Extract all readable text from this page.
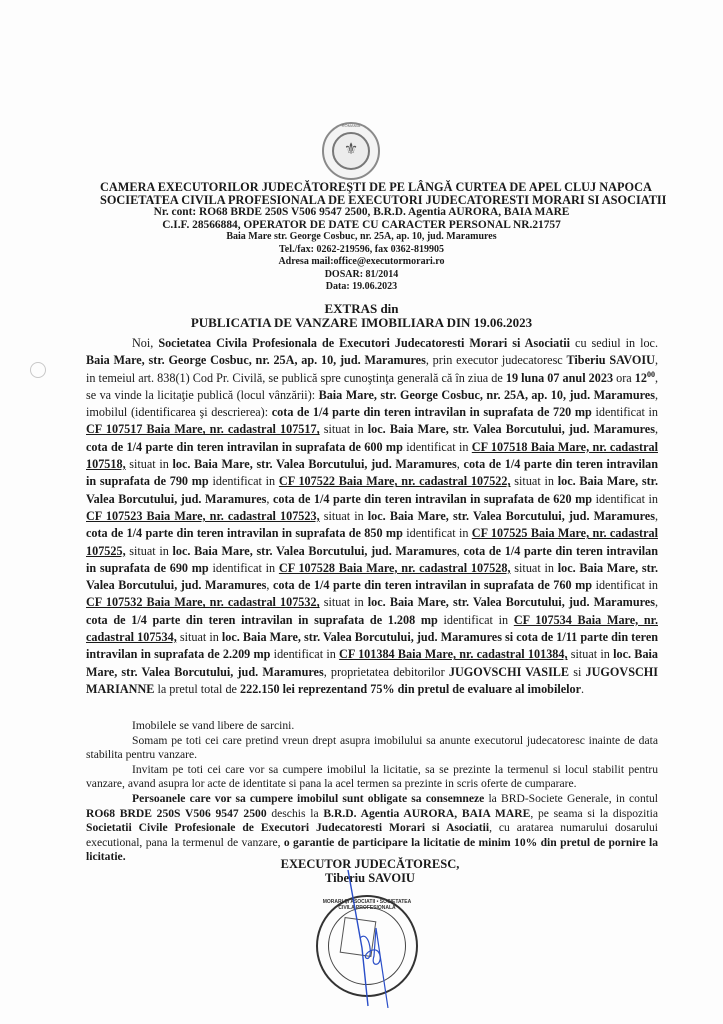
ROMANIA
⚜
CAMERA EXECUTORILOR JUDECĂTOREŞTI DE PE LÂNGĂ CURTEA DE APEL CLUJ NAPOCA
SOCIETATEA CIVILA PROFESIONALA DE EXECUTORI JUDECATORESTI MORARI SI ASOCIATII
Nr. cont: RO68 BRDE 250S V506 9547 2500, B.R.D. Agentia AURORA, BAIA MARE
C.I.F. 28566884, OPERATOR DE DATE CU CARACTER PERSONAL NR.21757
Baia Mare str. George Cosbuc, nr. 25A, ap. 10, jud. Maramures
Tel./fax: 0262-219596, fax 0362-819905
Adresa mail:office@executormorari.ro
DOSAR: 81/2014
Data: 19.06.2023
EXTRAS din
PUBLICATIA DE VANZARE IMOBILIARA DIN 19.06.2023

Noi, Societatea Civila Profesionala de Executori Judecatoresti Morari si Asociatii cu sediul in loc. Baia Mare, str. George Cosbuc, nr. 25A, ap. 10, jud. Maramures, prin executor judecatoresc Tiberiu SAVOIU, in temeiul art. 838(1) Cod Pr. Civilă, se publică spre cunoştinţa generală că în ziua de 19 luna 07 anul 2023 ora $12^{00}$, se va vinde la licitaţie publică (locul vânzării): Baia Mare, str. George Cosbuc, nr. 25A, ap. 10, jud. Maramures, imobilul (identificarea şi descrierea): cota de 1/4 parte din teren intravilan in suprafata de 720 mp identificat in CF 107517 Baia Mare, nr. cadastral 107517, situat in loc. Baia Mare, str. Valea Borcutului, jud. Maramures, cota de 1/4 parte din teren intravilan in suprafata de 600 mp identificat in CF 107518 Baia Mare, nr. cadastral 107518, situat in loc. Baia Mare, str. Valea Borcutului, jud. Maramures, cota de 1/4 parte din teren intravilan in suprafata de 790 mp identificat in CF 107522 Baia Mare, nr. cadastral 107522, situat in loc. Baia Mare, str. Valea Borcutului, jud. Maramures, cota de 1/4 parte din teren intravilan in suprafata de 620 mp identificat in CF 107523 Baia Mare, nr. cadastral 107523, situat in loc. Baia Mare, str. Valea Borcutului, jud. Maramures, cota de 1/4 parte din teren intravilan in suprafata de 850 mp identificat in CF 107525 Baia Mare, nr. cadastral 107525, situat in loc. Baia Mare, str. Valea Borcutului, jud. Maramures, cota de 1/4 parte din teren intravilan in suprafata de 690 mp identificat in CF 107528 Baia Mare, nr. cadastral 107528, situat in loc. Baia Mare, str. Valea Borcutului, jud. Maramures, cota de 1/4 parte din teren intravilan in suprafata de 760 mp identificat in CF 107532 Baia Mare, nr. cadastral 107532, situat in loc. Baia Mare, str. Valea Borcutului, jud. Maramures, cota de 1/4 parte din teren intravilan in suprafata de 1.208 mp identificat in CF 107534 Baia Mare, nr. cadastral 107534, situat in loc. Baia Mare, str. Valea Borcutului, jud. Maramures si cota de 1/11 parte din teren intravilan in suprafata de 2.209 mp identificat in CF 101384 Baia Mare, nr. cadastral 101384, situat in loc. Baia Mare, str. Valea Borcutului, jud. Maramures, proprietatea debitorilor JUGOVSCHI VASILE si JUGOVSCHI MARIANNE la pretul total de 222.150 lei reprezentand 75% din pretul de evaluare al imobilelor.

Imobilele se vand libere de sarcini.

Somam pe toti cei care pretind vreun drept asupra imobilului sa anunte executorul judecatoresc inainte de data stabilita pentru vanzare.

Invitam pe toti cei care vor sa cumpere imobilul la licitatie, sa se prezinte la termenul si locul stabilit pentru vanzare, avand asupra lor acte de identitate si pana la acel termen sa prezinte in scris oferte de cumparare.

Persoanele care vor sa cumpere imobilul sunt obligate sa consemneze la BRD-Societe Generale, in contul RO68 BRDE 250S V506 9547 2500 deschis la B.R.D. Agentia AURORA, BAIA MARE, pe seama si la dispozitia Societatii Civile Profesionale de Executori Judecatoresti Morari si Asociatii, cu aratarea numarului dosarului executional, pana la termenul de vanzare, o garantie de participare la licitatie de minim 10% din pretul de pornire la licitatie.

EXECUTOR JUDECĂTORESC,
Tiberiu SAVOIU
MORARI ŞI ASOCIATII • SOCIETATEA CIVILA PROFESIONALA
